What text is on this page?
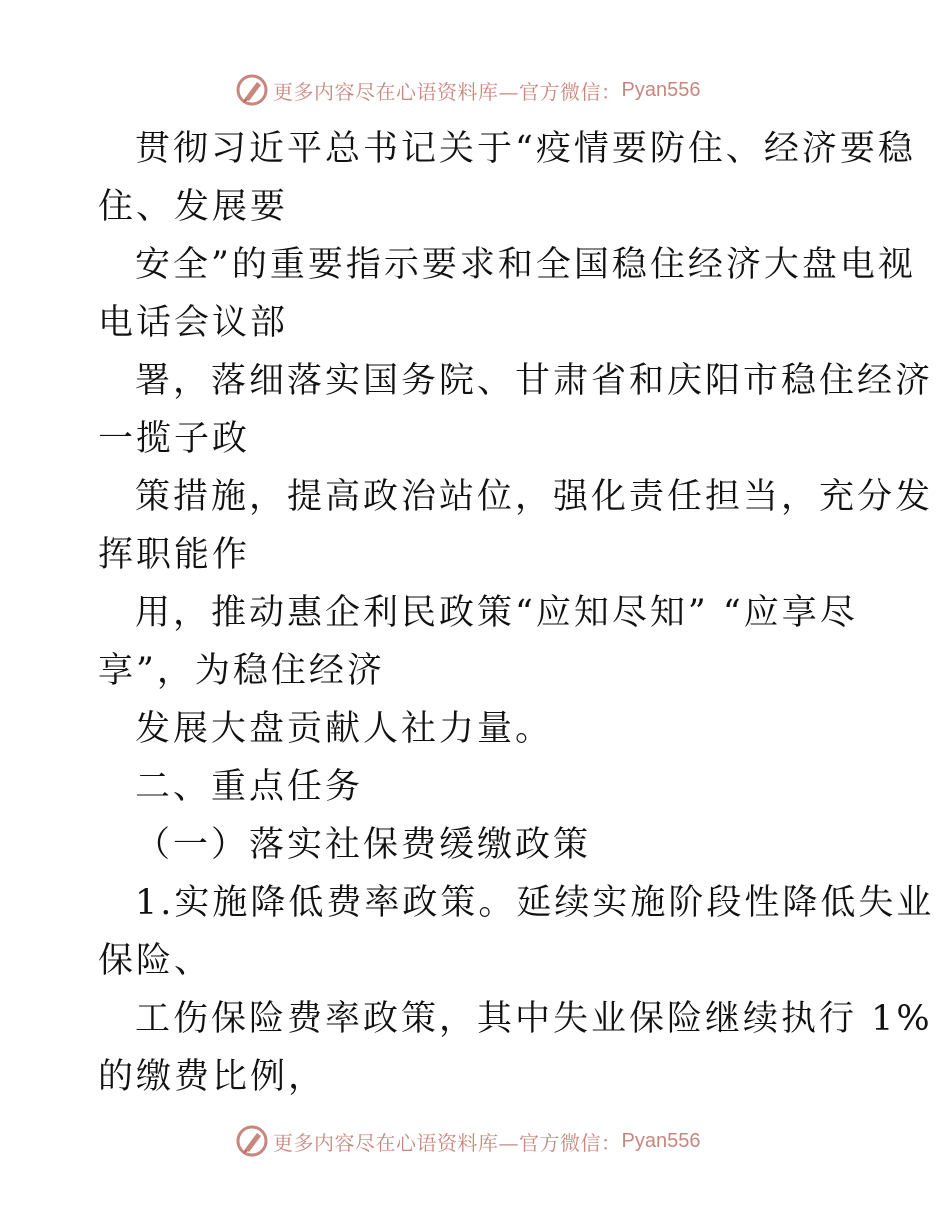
更多内容尽在心语资料库—官方微信： Pyan556
贯彻习近平总书记关于“疫情要防住、经济要稳
住、发展要
安全”的重要指示要求和全国稳住经济大盘电视
电话会议部
署，落细落实国务院、甘肃省和庆阳市稳住经济
一揽子政
策措施，提高政治站位，强化责任担当，充分发
挥职能作
用，推动惠企利民政策“应知尽知” “应享尽
享”，为稳住经济
发展大盘贡献人社力量。
二、重点任务
（一）落实社保费缓缴政策
1.实施降低费率政策。延续实施阶段性降低失业
保险、
工伤保险费率政策，其中失业保险继续执行 1%
的缴费比例，
更多内容尽在心语资料库—官方微信： Pyan556
